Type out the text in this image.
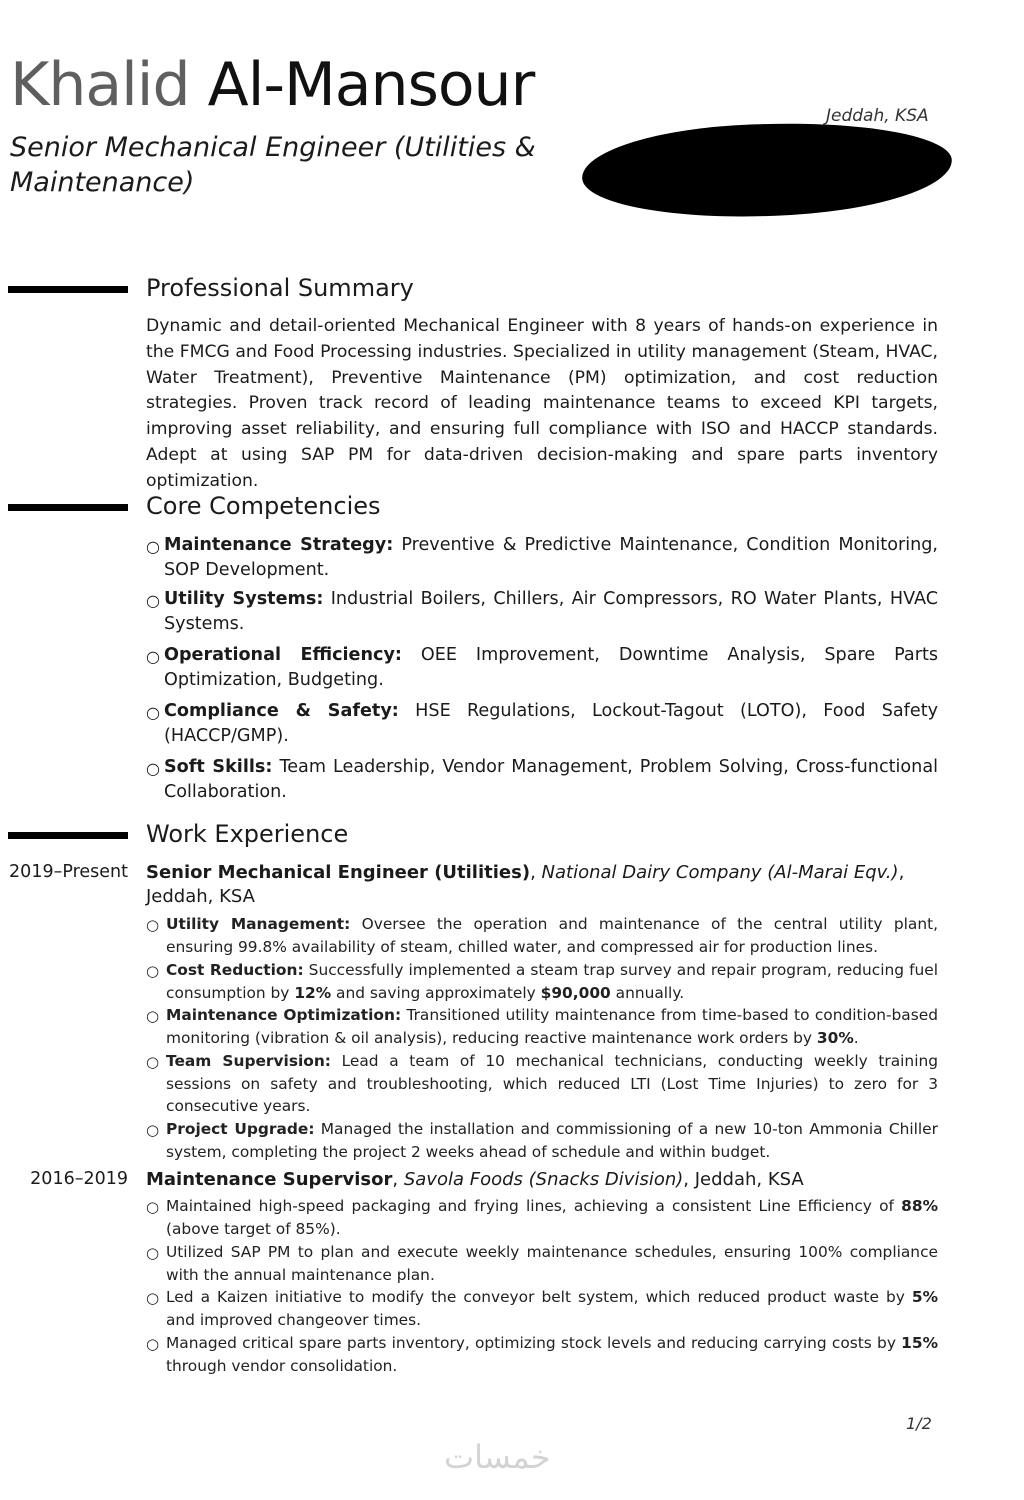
Khalid Al-Mansour
Senior Mechanical Engineer (Utilities & Maintenance)
Jeddah, KSA
Professional Summary
Dynamic and detail-oriented Mechanical Engineer with 8 years of hands-on experience in the FMCG and Food Processing industries. Specialized in utility management (Steam, HVAC, Water Treatment), Preventive Maintenance (PM) optimization, and cost reduction strategies. Proven track record of leading maintenance teams to exceed KPI targets, improving asset reliability, and ensuring full compliance with ISO and HACCP standards. Adept at using SAP PM for data-driven decision-making and spare parts inventory optimization.
Core Competencies
○ Maintenance Strategy: Preventive & Predictive Maintenance, Condition Monitoring, SOP Development.
○ Utility Systems: Industrial Boilers, Chillers, Air Compressors, RO Water Plants, HVAC Systems.
○ Operational Efficiency: OEE Improvement, Downtime Analysis, Spare Parts Optimization, Budgeting.
○ Compliance & Safety: HSE Regulations, Lockout-Tagout (LOTO), Food Safety (HACCP/GMP).
○ Soft Skills: Team Leadership, Vendor Management, Problem Solving, Cross-functional Collaboration.
Work Experience
2019–Present Senior Mechanical Engineer (Utilities), National Dairy Company (Al-Marai Eqv.), Jeddah, KSA
○ Utility Management: Oversee the operation and maintenance of the central utility plant, ensuring 99.8% availability of steam, chilled water, and compressed air for production lines.
○ Cost Reduction: Successfully implemented a steam trap survey and repair program, reducing fuel consumption by 12% and saving approximately $90,000 annually.
○ Maintenance Optimization: Transitioned utility maintenance from time-based to condition-based monitoring (vibration & oil analysis), reducing reactive maintenance work orders by 30%.
○ Team Supervision: Lead a team of 10 mechanical technicians, conducting weekly training sessions on safety and troubleshooting, which reduced LTI (Lost Time Injuries) to zero for 3 consecutive years.
○ Project Upgrade: Managed the installation and commissioning of a new 10-ton Ammonia Chiller system, completing the project 2 weeks ahead of schedule and within budget.
2016–2019 Maintenance Supervisor, Savola Foods (Snacks Division), Jeddah, KSA
○ Maintained high-speed packaging and frying lines, achieving a consistent Line Efficiency of 88% (above target of 85%).
○ Utilized SAP PM to plan and execute weekly maintenance schedules, ensuring 100% compliance with the annual maintenance plan.
○ Led a Kaizen initiative to modify the conveyor belt system, which reduced product waste by 5% and improved changeover times.
○ Managed critical spare parts inventory, optimizing stock levels and reducing carrying costs by 15% through vendor consolidation.
1/2
خمسات
